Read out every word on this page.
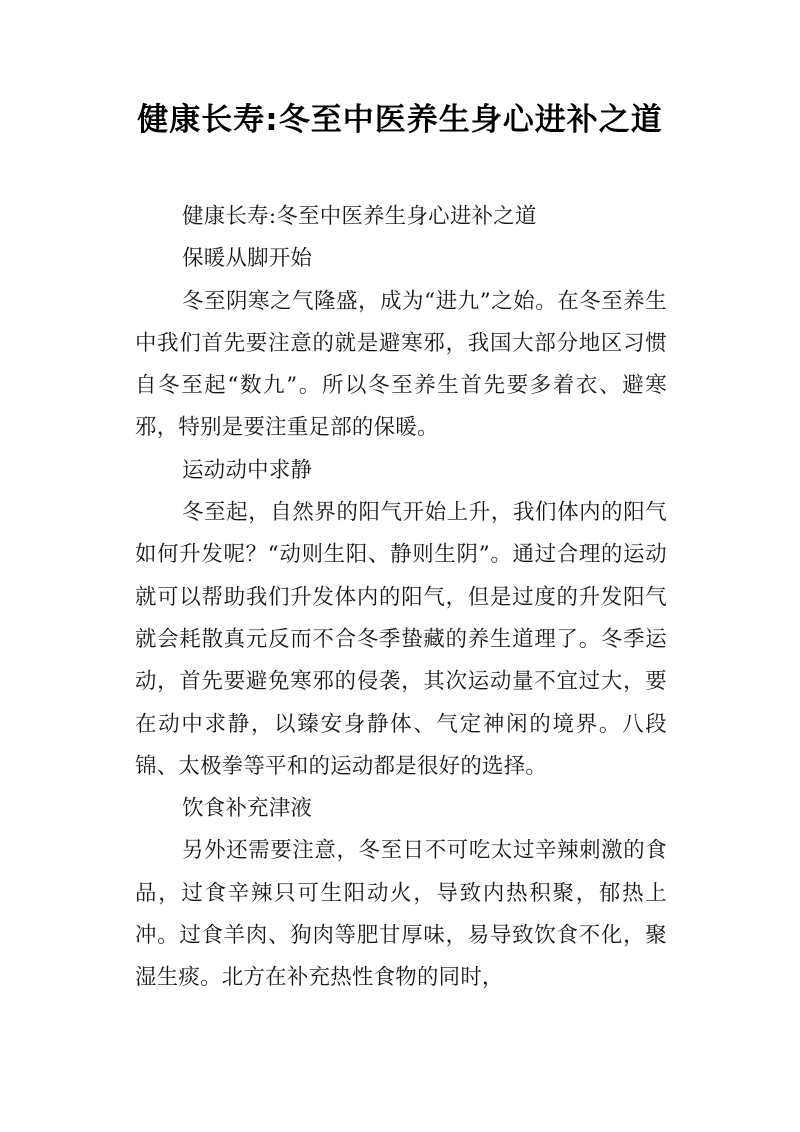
健康长寿:冬至中医养生身心进补之道

健康长寿:冬至中医养生身心进补之道

保暖从脚开始

冬至阴寒之气隆盛，成为“进九”之始。在冬至养生中我们首先要注意的就是避寒邪，我国大部分地区习惯自冬至起“数九”。所以冬至养生首先要多着衣、避寒邪，特别是要注重足部的保暖。

运动动中求静

冬至起，自然界的阳气开始上升，我们体内的阳气如何升发呢？“动则生阳、静则生阴”。通过合理的运动就可以帮助我们升发体内的阳气，但是过度的升发阳气就会耗散真元反而不合冬季蛰藏的养生道理了。冬季运动，首先要避免寒邪的侵袭，其次运动量不宜过大，要在动中求静，以臻安身静体、气定神闲的境界。八段锦、太极拳等平和的运动都是很好的选择。

饮食补充津液

另外还需要注意，冬至日不可吃太过辛辣刺激的食品，过食辛辣只可生阳动火，导致内热积聚，郁热上冲。过食羊肉、狗肉等肥甘厚味，易导致饮食不化，聚湿生痰。北方在补充热性食物的同时，
